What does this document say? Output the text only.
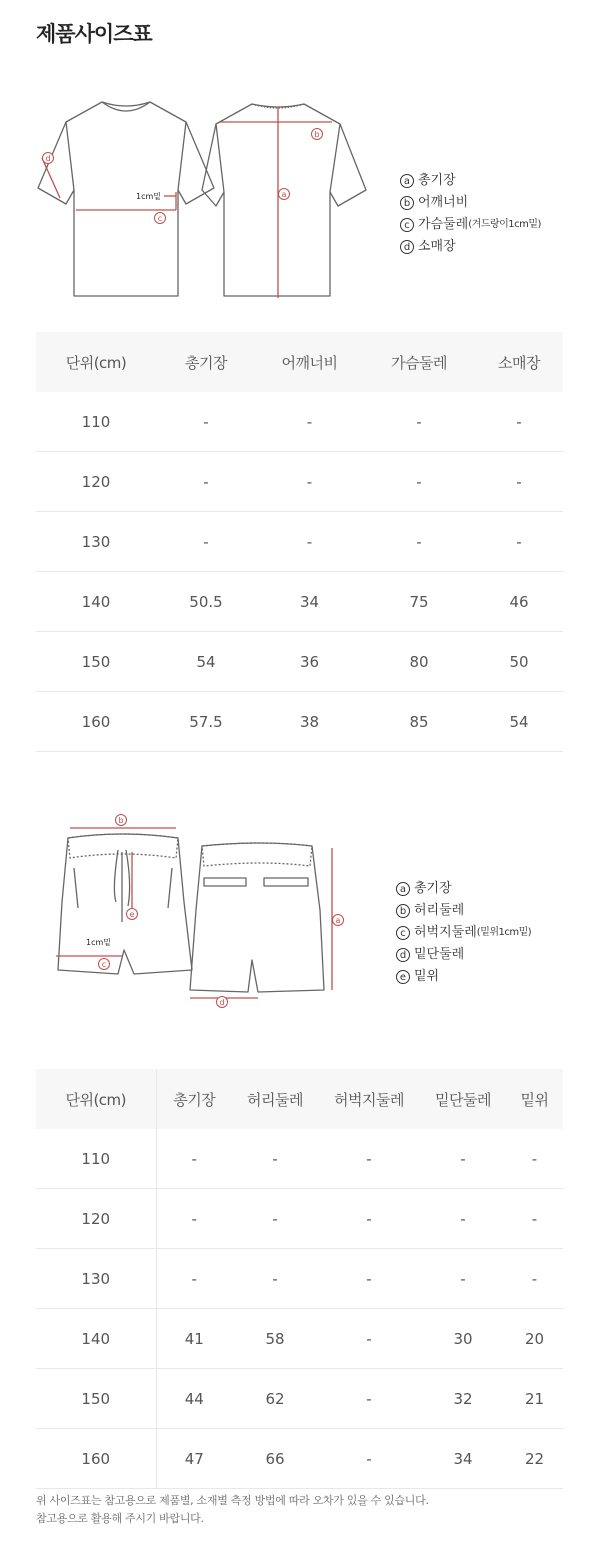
제품사이즈표
d
c
b
a
1cm밑
a 총기장
b 어깨너비
c 가슴둘레 (겨드랑이1cm밑)
d 소매장
단위(cm)	총기장	어깨너비	가슴둘레	소매장
110	-	-	-	-
120	-	-	-	-
130	-	-	-	-
140	50.5	34	75	46
150	54	36	80	50
160	57.5	38	85	54
b
e
c
d
a
1cm밑
a 총기장
b 허리둘레
c 허벅지둘레 (밑위1cm밑)
d 밑단둘레
e 밑위
단위(cm)	총기장	허리둘레	허벅지둘레	밑단둘레	밑위
110	-	-	-	-	-
120	-	-	-	-	-
130	-	-	-	-	-
140	41	58	-	30	20
150	44	62	-	32	21
160	47	66	-	34	22

위 사이즈표는 참고용으로 제품별, 소재별 측정 방법에 따라 오차가 있을 수 있습니다.

참고용으로 활용해 주시기 바랍니다.
